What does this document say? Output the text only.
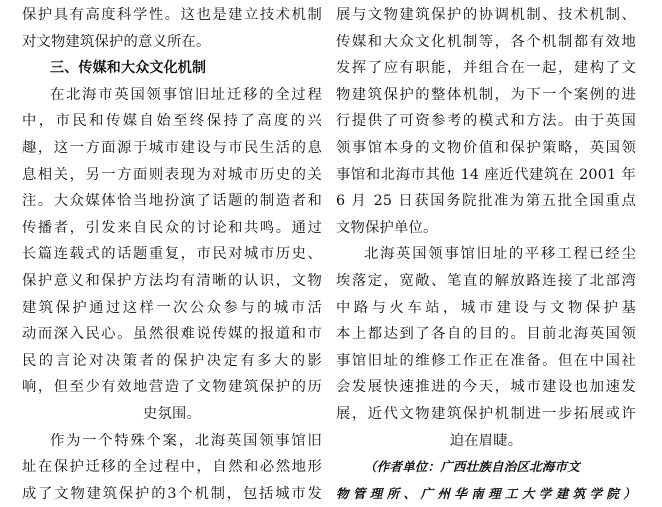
保护具有高度科学性。这也是建立技术机制
对文物建筑保护的意义所在。
三、传媒和大众文化机制
在北海市英国领事馆旧址迁移的全过程
中，市民和传媒自始至终保持了高度的兴
趣，这一方面源于城市建设与市民生活的息
息相关，另一方面则表现为对城市历史的关
注。大众媒体恰当地扮演了话题的制造者和
传播者，引发来自民众的讨论和共鸣。通过
长篇连载式的话题重复，市民对城市历史、
保护意义和保护方法均有清晰的认识，文物
建筑保护通过这样一次公众参与的城市活
动而深入民心。虽然很难说传媒的报道和市
民的言论对决策者的保护决定有多大的影
响，但至少有效地营造了文物建筑保护的历
史氛围。
作为一个特殊个案，北海英国领事馆旧
址在保护迁移的全过程中，自然和必然地形
成了文物建筑保护的3个机制，包括城市发
展与文物建筑保护的协调机制、技术机制、
传媒和大众文化机制等，各个机制都有效地
发挥了应有职能，并组合在一起，建构了文
物建筑保护的整体机制，为下一个案例的进
行提供了可资参考的模式和方法。由于英国
领事馆本身的文物价值和保护策略，英国领
事馆和北海市其他 14 座近代建筑在 2001 年
6 月 25 日获国务院批准为第五批全国重点
文物保护单位。
北海英国领事馆旧址的平移工程已经尘
埃落定，宽敞、笔直的解放路连接了北部湾
中路与火车站，城市建设与文物保护基
本上都达到了各自的目的。目前北海英国领
事馆旧址的维修工作正在准备。但在中国社
会发展快速推进的今天，城市建设也加速发
展，近代文物建筑保护机制进一步拓展或许
迫在眉睫。
（作者单位：广西壮族自治区北海市文
物管理所、广州华南理工大学建筑学院）
